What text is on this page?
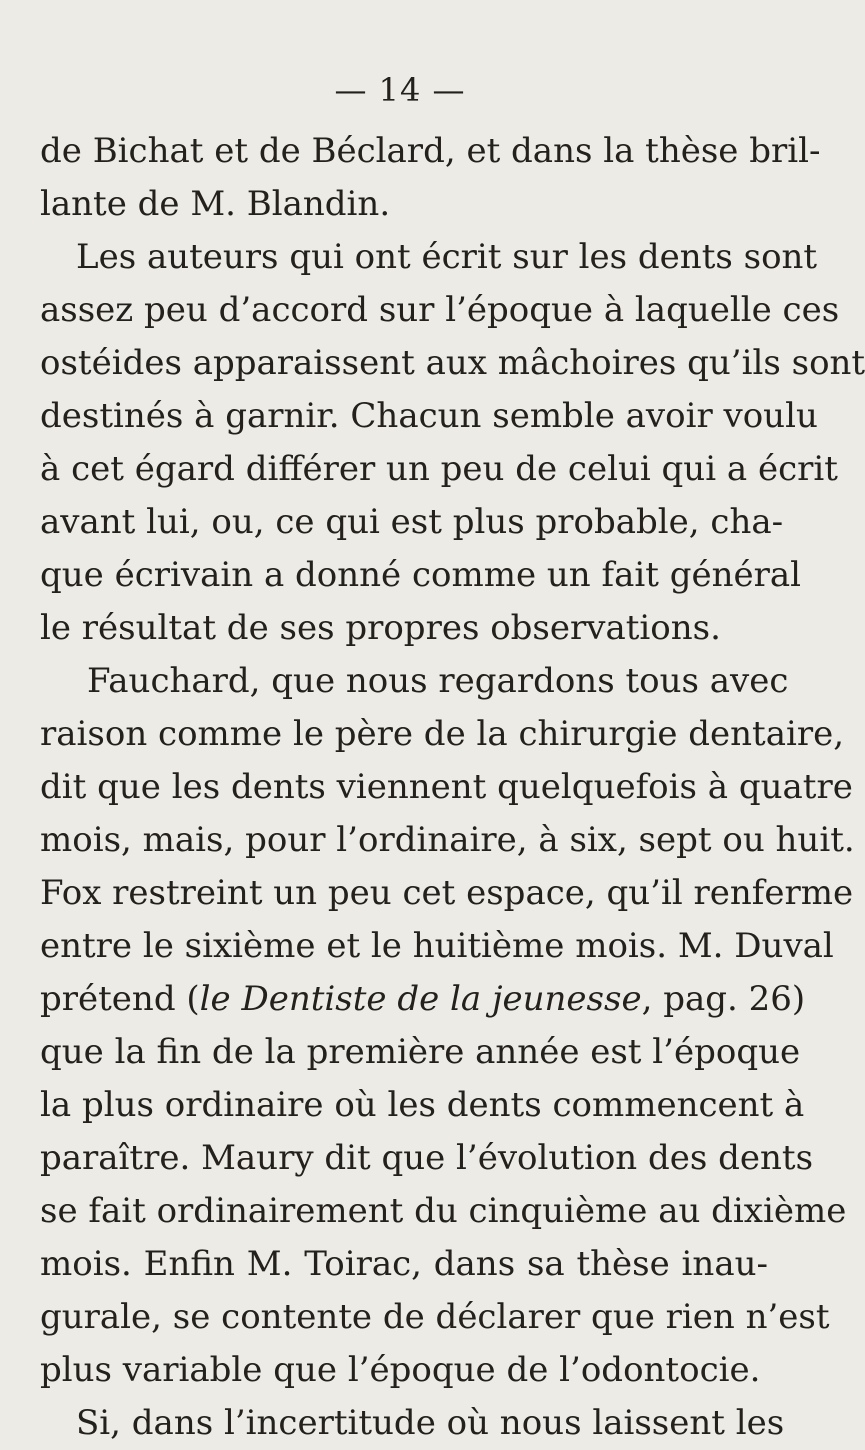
— 14 —
de Bichat et de Béclard, et dans la thèse bril-
lante de M. Blandin.
Les auteurs qui ont écrit sur les dents sont
assez peu d’accord sur l’époque à laquelle ces
ostéides apparaissent aux mâchoires qu’ils sont
destinés à garnir. Chacun semble avoir voulu
à cet égard différer un peu de celui qui a écrit
avant lui, ou, ce qui est plus probable, cha-
que écrivain a donné comme un fait général
le résultat de ses propres observations.
Fauchard, que nous regardons tous avec
raison comme le père de la chirurgie dentaire,
dit que les dents viennent quelquefois à quatre
mois, mais, pour l’ordinaire, à six, sept ou huit.
Fox restreint un peu cet espace, qu’il renferme
entre le sixième et le huitième mois. M. Duval
prétend (le Dentiste de la jeunesse, pag. 26)
que la fin de la première année est l’époque
la plus ordinaire où les dents commencent à
paraître. Maury dit que l’évolution des dents
se fait ordinairement du cinquième au dixième
mois. Enfin M. Toirac, dans sa thèse inau-
gurale, se contente de déclarer que rien n’est
plus variable que l’époque de l’odontocie.
Si, dans l’incertitude où nous laissent les
